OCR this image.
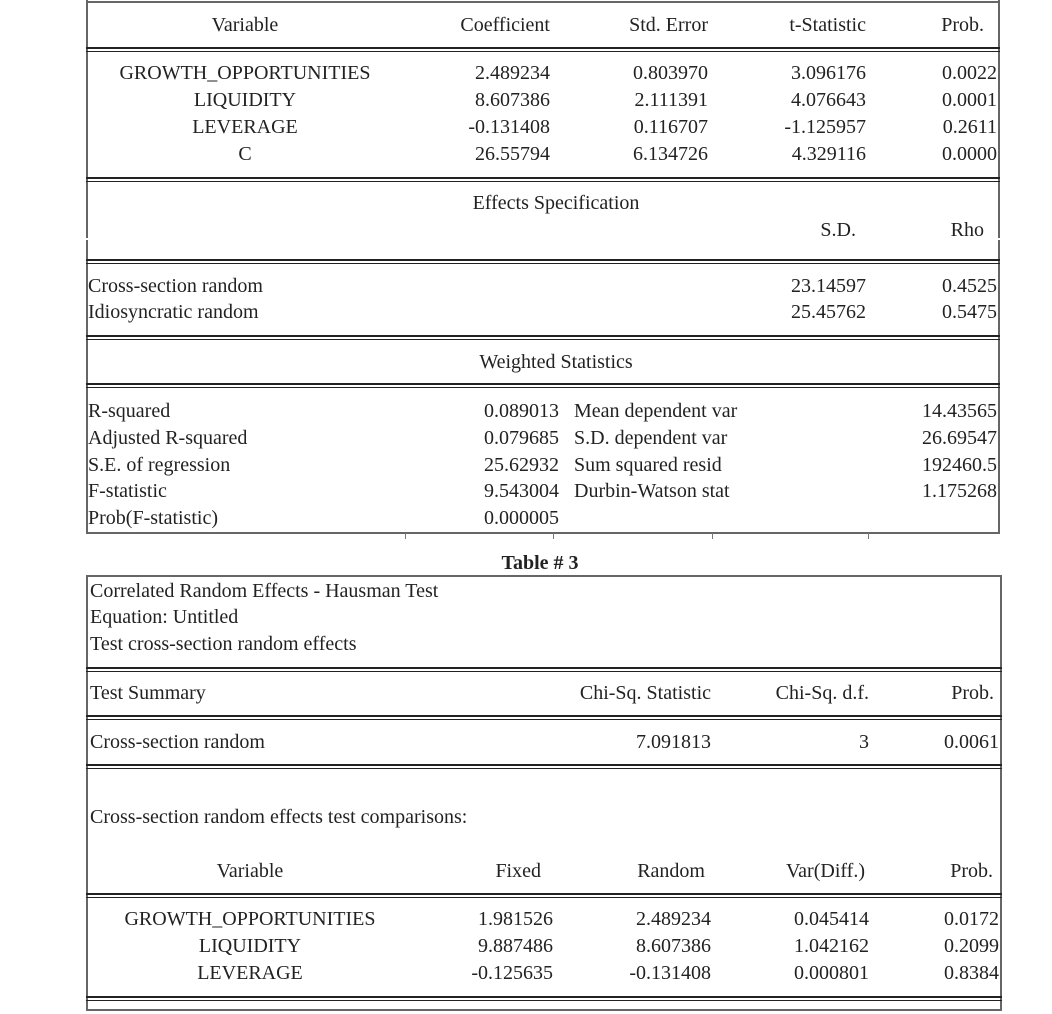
Variable	Coefficient	Std. Error	t-Statistic	Prob.
GROWTH_OPPORTUNITIES	2.489234	0.803970	3.096176	0.0022
LIQUIDITY	8.607386	2.111391	4.076643	0.0001
LEVERAGE	-0.131408	0.116707	-1.125957	0.2611
C	26.55794	6.134726	4.329116	0.0000
Effects Specification
S.D.	Rho
Cross-section random	23.14597	0.4525
Idiosyncratic random	25.45762	0.5475
Weighted Statistics
R-squared	0.089013 Mean dependent var	14.43565
Adjusted R-squared	0.079685 S.D. dependent var	26.69547
S.E. of regression	25.62932 Sum squared resid	192460.5
F-statistic	9.543004 Durbin-Watson stat	1.175268
Prob(F-statistic)	0.000005
Table # 3
Correlated Random Effects - Hausman Test
Equation: Untitled
Test cross-section random effects
Test Summary	Chi-Sq. Statistic	Chi-Sq. d.f.	Prob.
Cross-section random	7.091813	3	0.0061
Cross-section random effects test comparisons:
Variable	Fixed	Random	Var(Diff.)	Prob.
GROWTH_OPPORTUNITIES	1.981526	2.489234	0.045414	0.0172
LIQUIDITY	9.887486	8.607386	1.042162	0.2099
LEVERAGE	-0.125635	-0.131408	0.000801	0.8384
